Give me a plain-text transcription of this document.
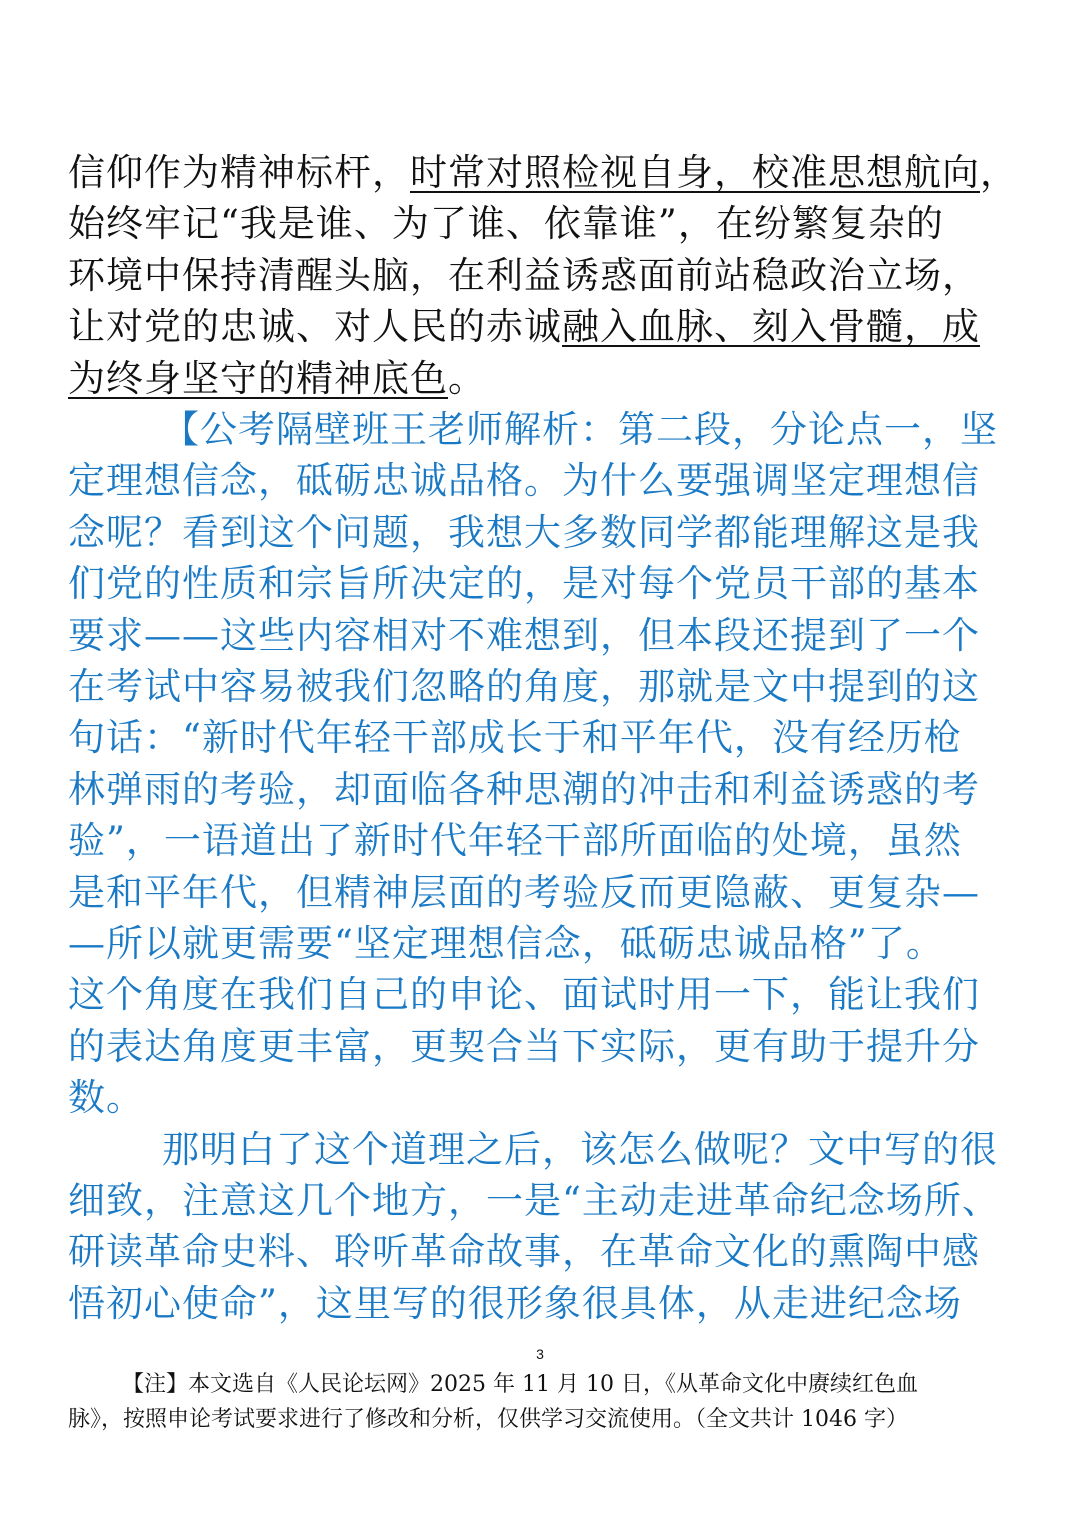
信仰作为精神标杆，时常对照检视自身，校准思想航向，
始终牢记“我是谁、为了谁、依靠谁”，在纷繁复杂的
环境中保持清醒头脑，在利益诱惑面前站稳政治立场，
让对党的忠诚、对人民的赤诚融入血脉、刻入骨髓，成
为终身坚守的精神底色。
【公考隔壁班王老师解析：第二段，分论点一，坚
定理想信念，砥砺忠诚品格。为什么要强调坚定理想信
念呢？看到这个问题，我想大多数同学都能理解这是我
们党的性质和宗旨所决定的，是对每个党员干部的基本
要求——这些内容相对不难想到，但本段还提到了一个
在考试中容易被我们忽略的角度，那就是文中提到的这
句话：“新时代年轻干部成长于和平年代，没有经历枪
林弹雨的考验，却面临各种思潮的冲击和利益诱惑的考
验”，一语道出了新时代年轻干部所面临的处境，虽然
是和平年代，但精神层面的考验反而更隐蔽、更复杂—
—所以就更需要“坚定理想信念，砥砺忠诚品格”了。
这个角度在我们自己的申论、面试时用一下，能让我们
的表达角度更丰富，更契合当下实际，更有助于提升分
数。
那明白了这个道理之后，该怎么做呢？文中写的很
细致，注意这几个地方，一是“主动走进革命纪念场所、
研读革命史料、聆听革命故事，在革命文化的熏陶中感
悟初心使命”，这里写的很形象很具体，从走进纪念场
3
【注】本文选自《人民论坛网》2025 年 11 月 10 日，《从革命文化中赓续红色血
脉》，按照申论考试要求进行了修改和分析，仅供学习交流使用。（全文共计 1046 字）
